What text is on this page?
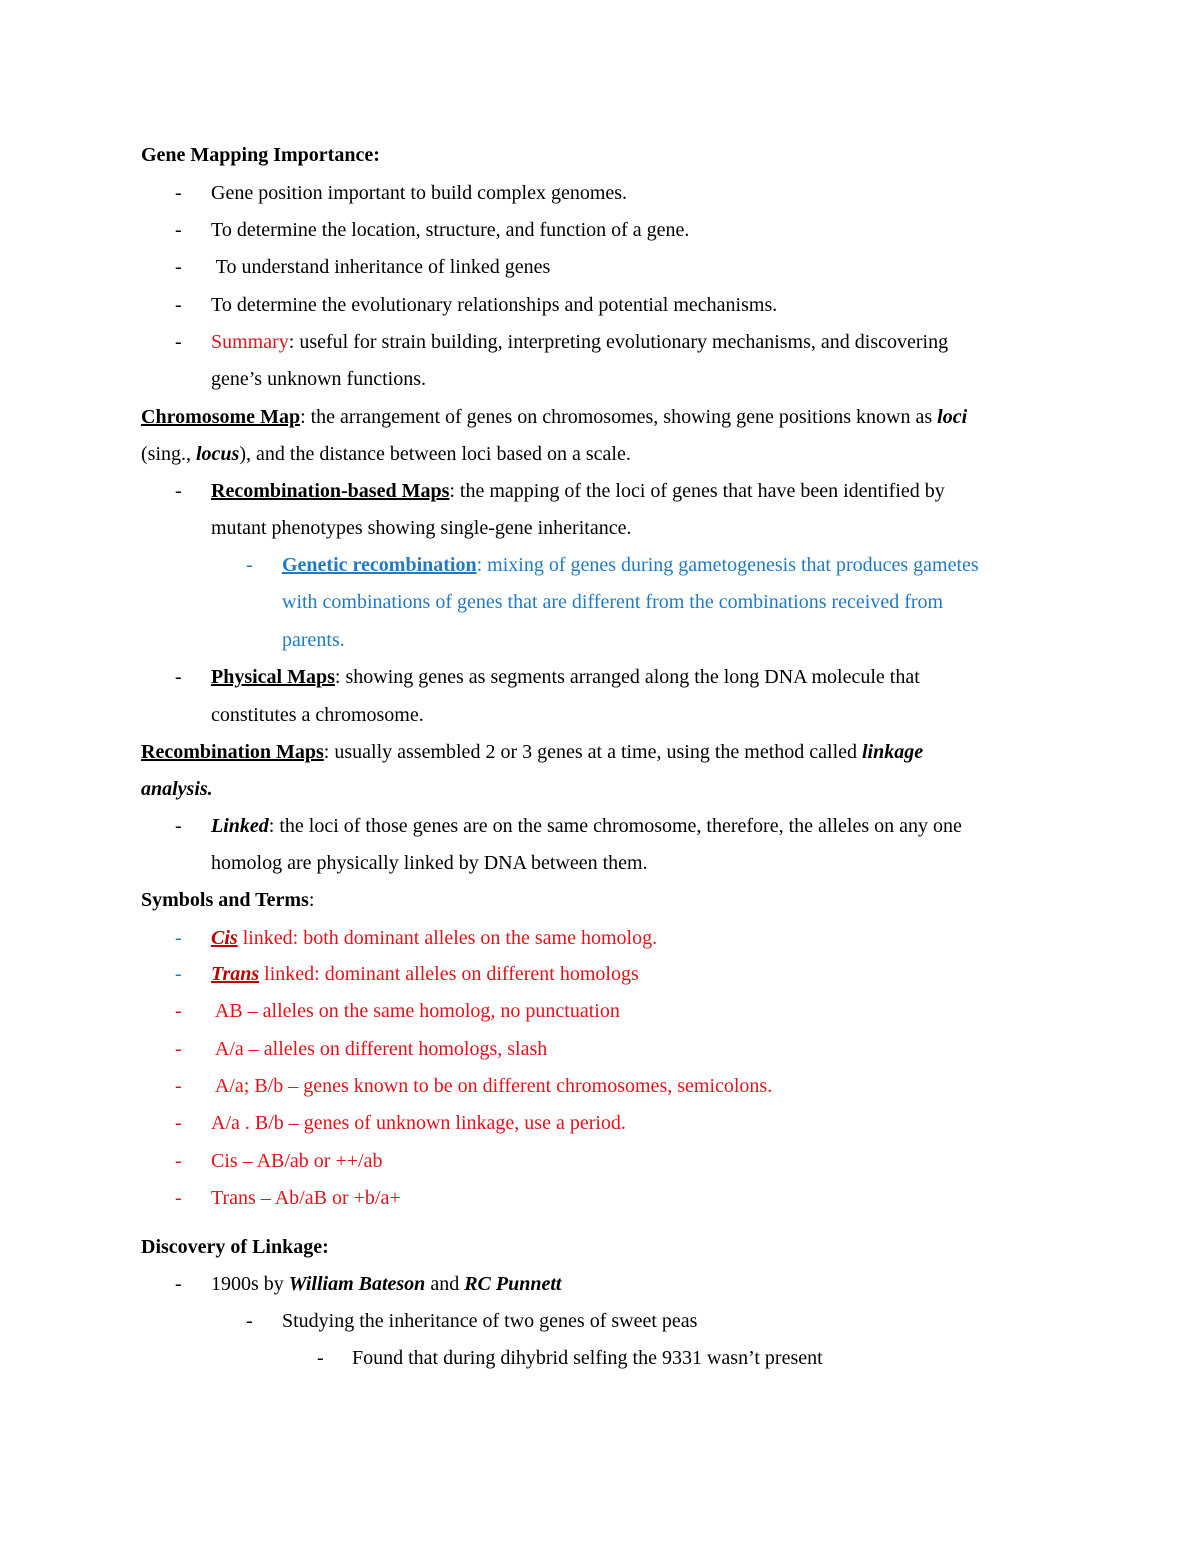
Gene Mapping Importance:
- Gene position important to build complex genomes.
- To determine the location, structure, and function of a gene.
- To understand inheritance of linked genes
- To determine the evolutionary relationships and potential mechanisms.
- Summary: useful for strain building, interpreting evolutionary mechanisms, and discovering
gene’s unknown functions.
Chromosome Map: the arrangement of genes on chromosomes, showing gene positions known as loci
(sing., locus), and the distance between loci based on a scale.
- Recombination-based Maps: the mapping of the loci of genes that have been identified by
mutant phenotypes showing single-gene inheritance.
- Genetic recombination: mixing of genes during gametogenesis that produces gametes
with combinations of genes that are different from the combinations received from
parents.
- Physical Maps: showing genes as segments arranged along the long DNA molecule that
constitutes a chromosome.
Recombination Maps: usually assembled 2 or 3 genes at a time, using the method called linkage
analysis.
- Linked: the loci of those genes are on the same chromosome, therefore, the alleles on any one
homolog are physically linked by DNA between them.
Symbols and Terms:
- Cis linked: both dominant alleles on the same homolog.
- Trans linked: dominant alleles on different homologs
- AB – alleles on the same homolog, no punctuation
- A/a – alleles on different homologs, slash
- A/a; B/b – genes known to be on different chromosomes, semicolons.
- A/a . B/b – genes of unknown linkage, use a period.
- Cis – AB/ab or ++/ab
- Trans – Ab/aB or +b/a+
Discovery of Linkage:
- 1900s by William Bateson and RC Punnett
- Studying the inheritance of two genes of sweet peas
- Found that during dihybrid selfing the 9331 wasn’t present
